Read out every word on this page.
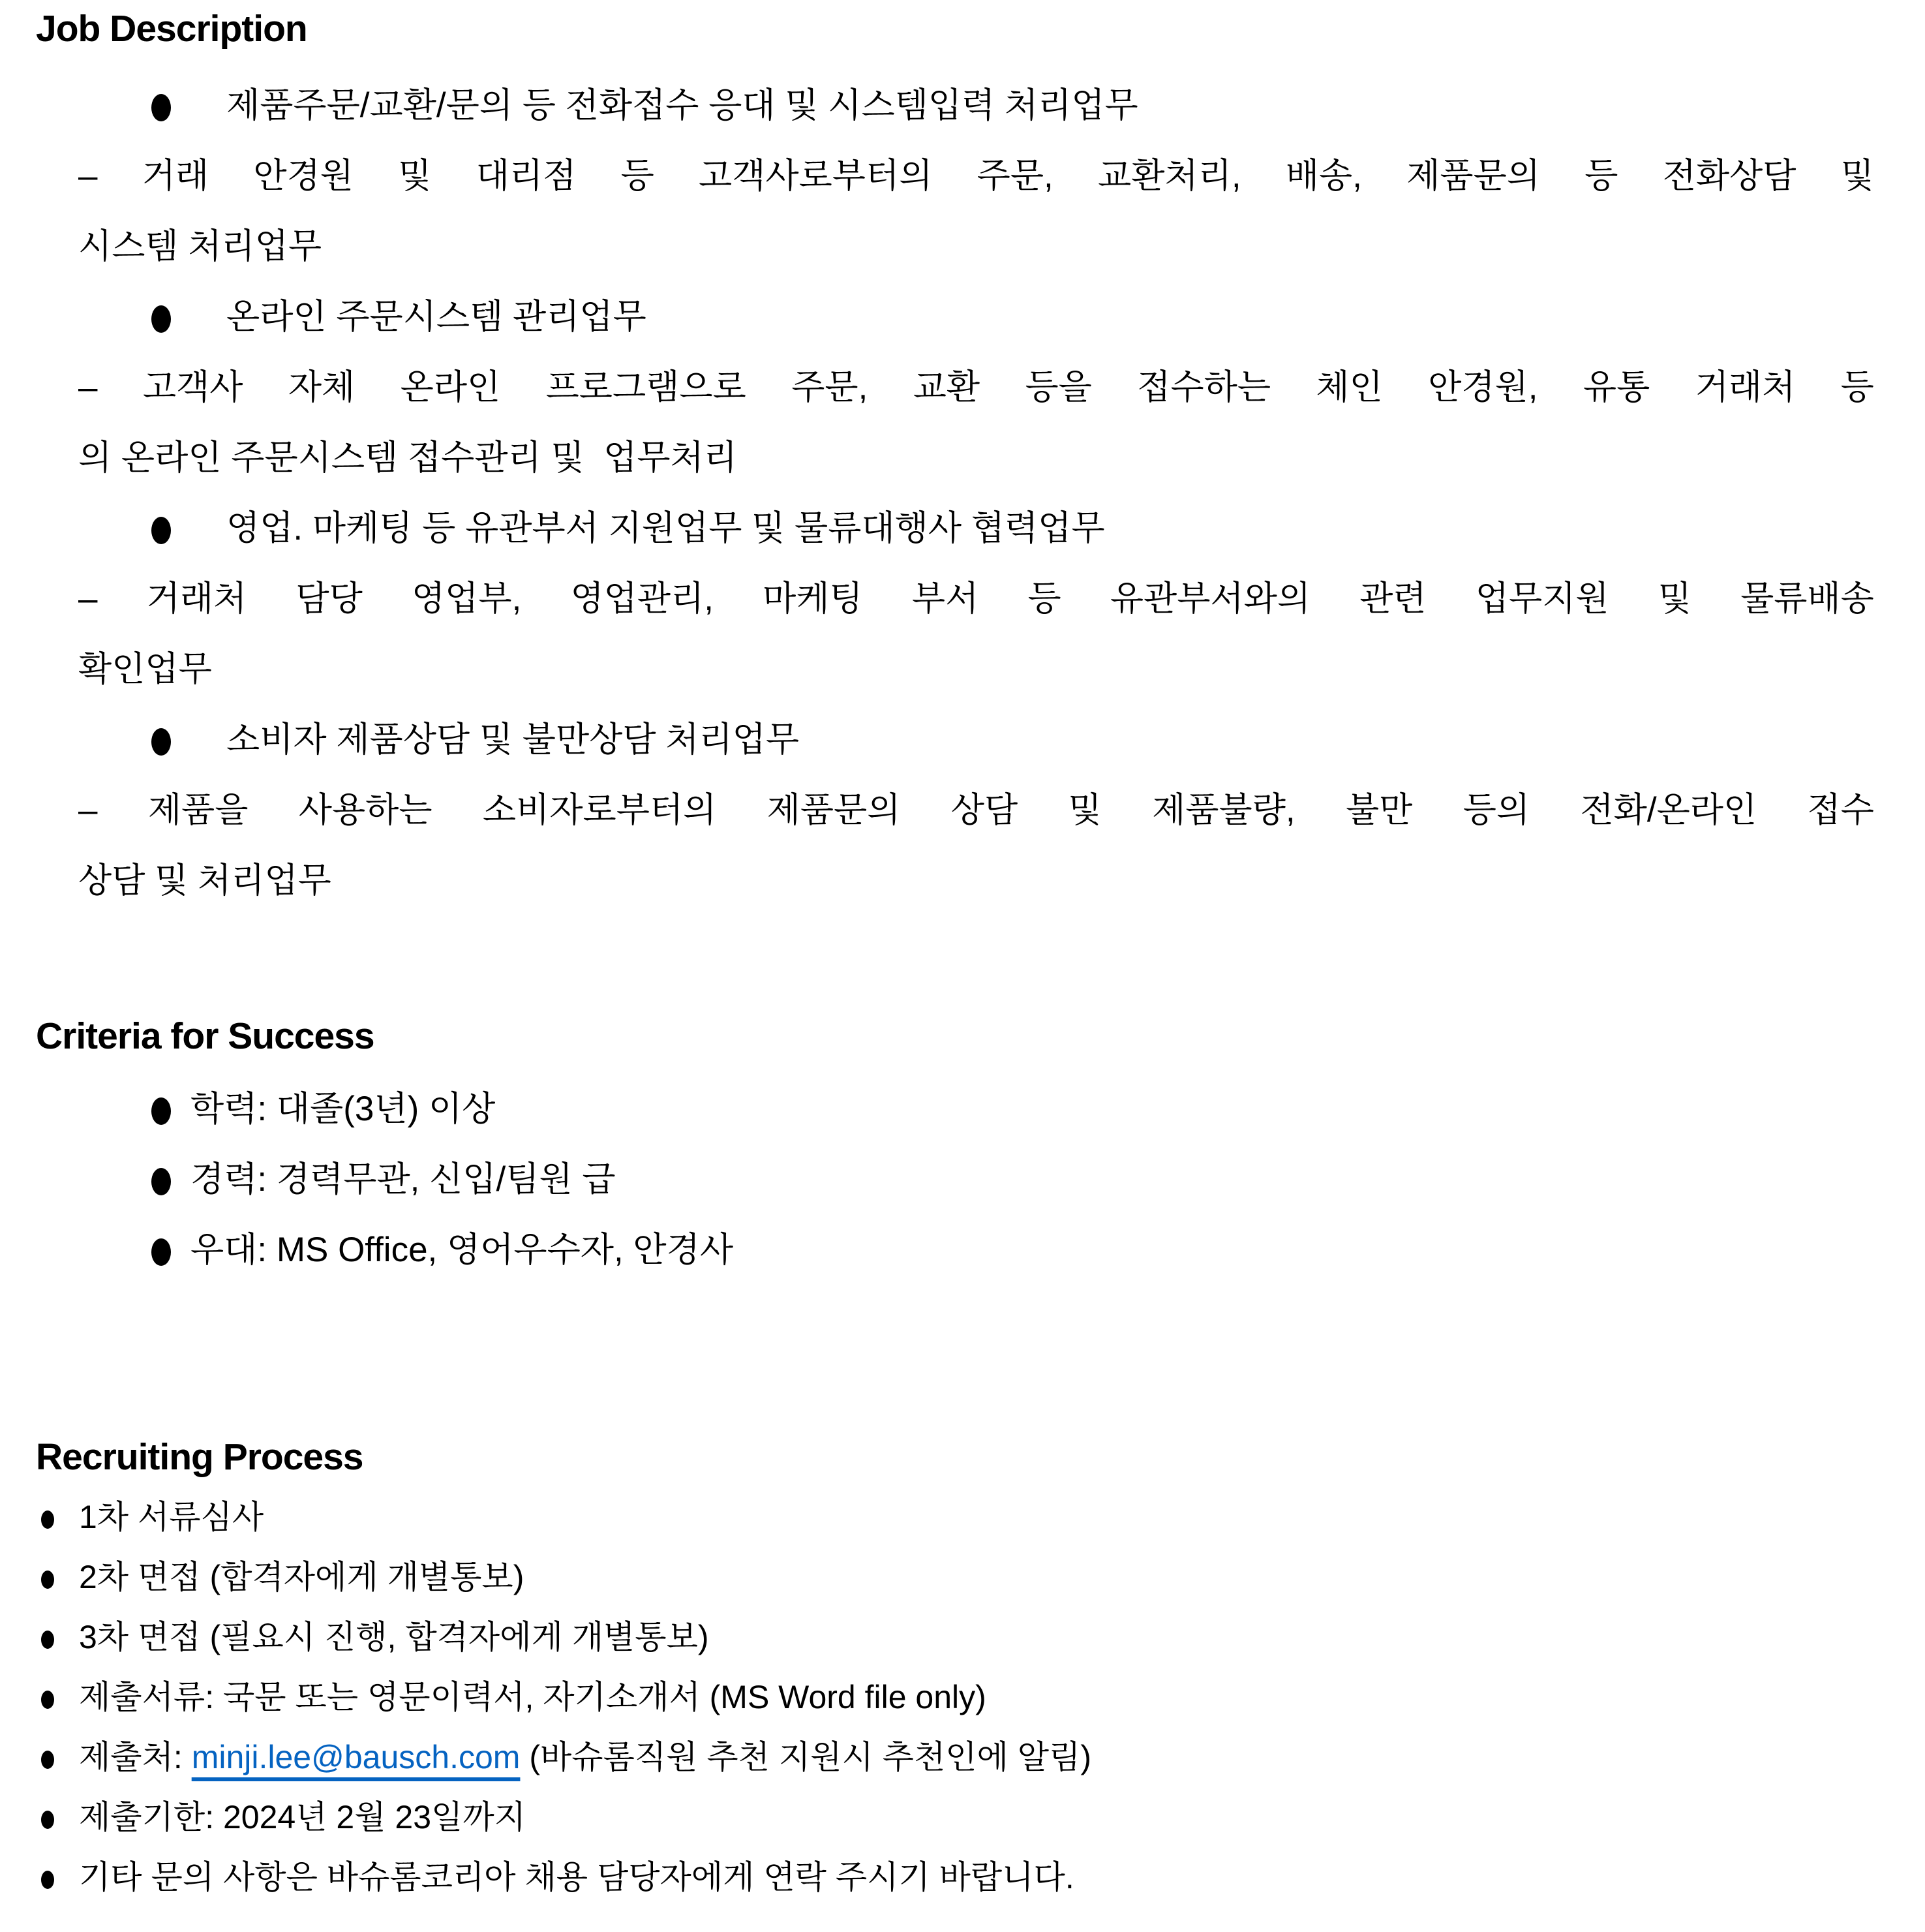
Job Description
제품주문/교환/문의 등 전화접수 응대 및 시스템입력 처리업무
– 거래 안경원 및 대리점 등 고객사로부터의 주문, 교환처리, 배송, 제품문의 등 전화상담 및
시스템 처리업무
온라인 주문시스템 관리업무
– 고객사 자체 온라인 프로그램으로 주문, 교환 등을 접수하는 체인 안경원, 유통 거래처 등
의 온라인 주문시스템 접수관리 및  업무처리
영업. 마케팅 등 유관부서 지원업무 및 물류대행사 협력업무
– 거래처 담당 영업부, 영업관리, 마케팅 부서 등 유관부서와의 관련 업무지원 및 물류배송
확인업무
소비자 제품상담 및 불만상담 처리업무
– 제품을 사용하는 소비자로부터의 제품문의 상담 및 제품불량, 불만 등의 전화/온라인 접수
상담 및 처리업무
Criteria for Success
학력: 대졸(3년) 이상
경력: 경력무관, 신입/팀원 급
우대: MS Office, 영어우수자, 안경사
Recruiting Process
1차 서류심사
2차 면접 (합격자에게 개별통보)
3차 면접 (필요시 진행, 합격자에게 개별통보)
제출서류: 국문 또는 영문이력서, 자기소개서 (MS Word file only)
제출처: minji.lee@bausch.com (바슈롬직원 추천 지원시 추천인에 알림)
제출기한: 2024년 2월 23일까지
기타 문의 사항은 바슈롬코리아 채용 담당자에게 연락 주시기 바랍니다.
